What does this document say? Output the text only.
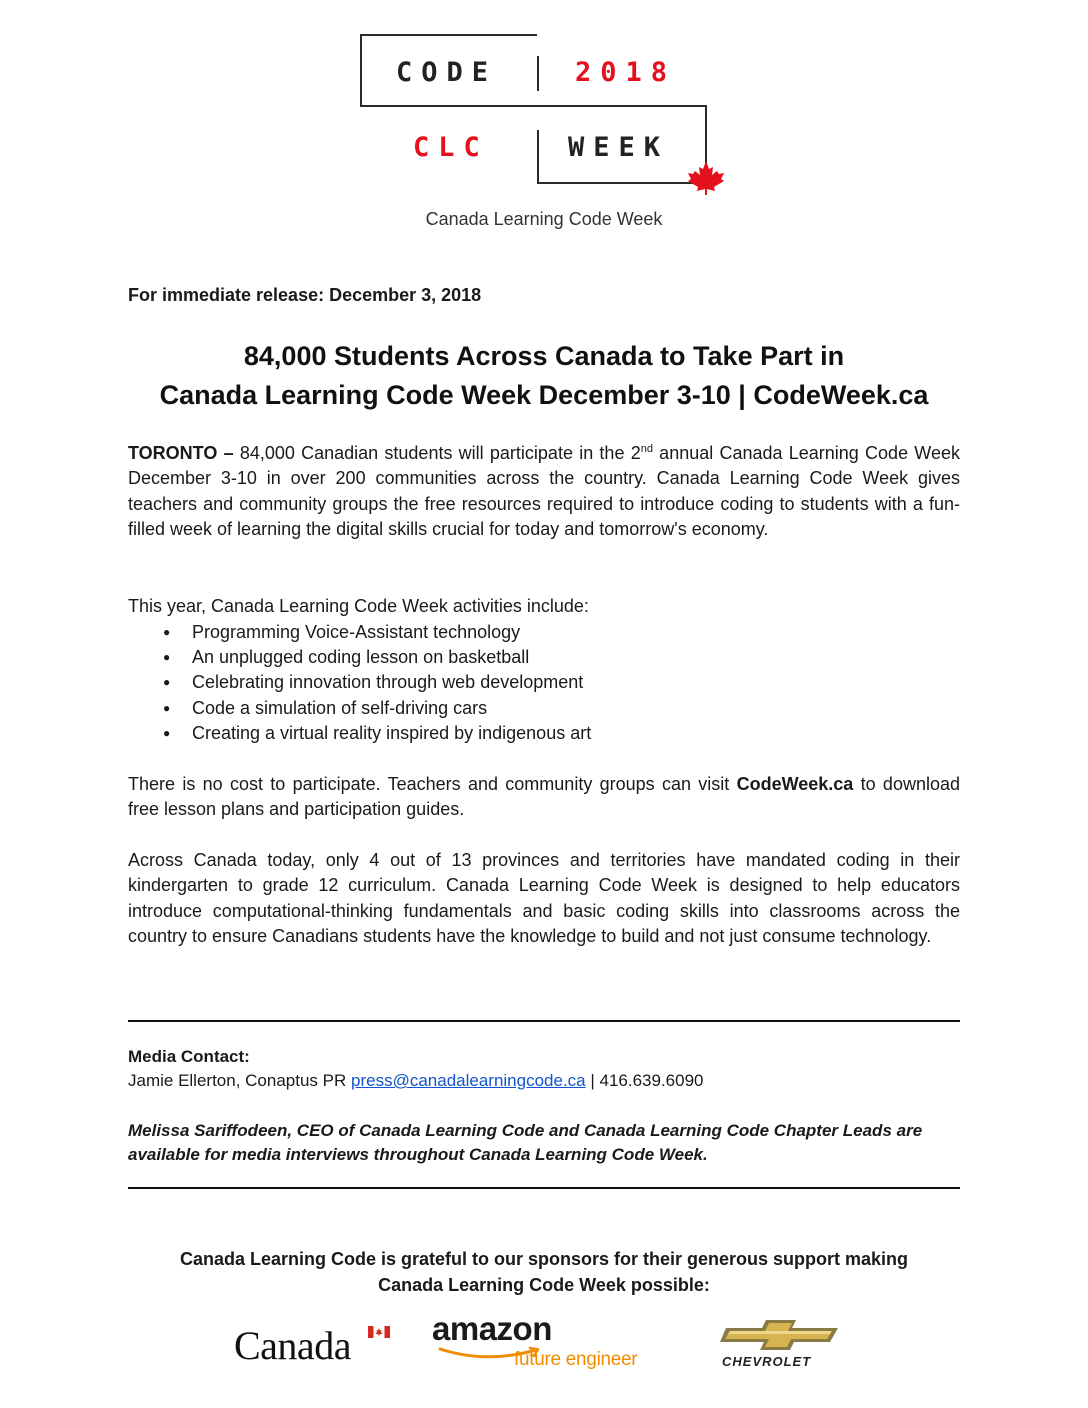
CODE	2018
CLC	WEEK
Canada Learning Code Week
For immediate release: December 3, 2018
84,000 Students Across Canada to Take Part in
Canada Learning Code Week December 3-10 | CodeWeek.ca
TORONTO – 84,000 Canadian students will participate in the 2nd annual Canada Learning Code Week December 3-10 in over 200 communities across the country. Canada Learning Code Week gives teachers and community groups the free resources required to introduce coding to students with a fun-filled week of learning the digital skills crucial for today and tomorrow's economy.
This year, Canada Learning Code Week activities include:
● Programming Voice-Assistant technology
● An unplugged coding lesson on basketball
● Celebrating innovation through web development
● Code a simulation of self-driving cars
● Creating a virtual reality inspired by indigenous art
There is no cost to participate. Teachers and community groups can visit CodeWeek.ca to download free lesson plans and participation guides.
Across Canada today, only 4 out of 13 provinces and territories have mandated coding in their kindergarten to grade 12 curriculum. Canada Learning Code Week is designed to help educators introduce computational-thinking fundamentals and basic coding skills into classrooms across the country to ensure Canadians students have the knowledge to build and not just consume technology.
Media Contact:
Jamie Ellerton, Conaptus PR press@canadalearningcode.ca | 416.639.6090
Melissa Sariffodeen, CEO of Canada Learning Code and Canada Learning Code Chapter Leads are available for media interviews throughout Canada Learning Code Week.
Canada Learning Code is grateful to our sponsors for their generous support making
Canada Learning Code Week possible:
Canada amazon
future engineer	CHEVROLET
